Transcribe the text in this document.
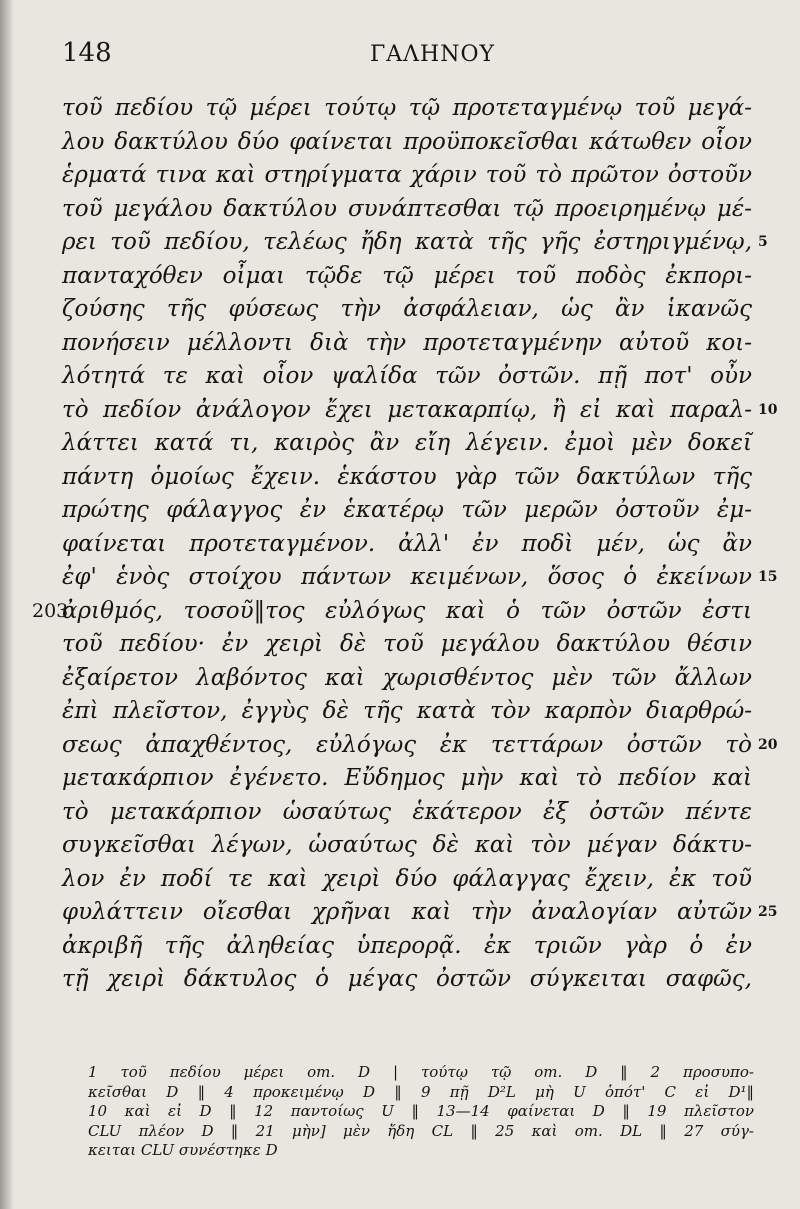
148	ΓΑΛΗΝΟΥ
τοῦ πεδίου τῷ μέρει τούτῳ τῷ προτεταγμένῳ τοῦ μεγά-
λου δακτύλου δύο φαίνεται προϋποκεῖσθαι κάτωθεν οἷον
ἑρματά τινα καὶ στηρίγματα χάριν τοῦ τὸ πρῶτον ὀστοῦν
τοῦ μεγάλου δακτύλου συνάπτεσθαι τῷ προειρημένῳ μέ-
ρει τοῦ πεδίου, τελέως ἤδη κατὰ τῆς γῆς ἐστηριγμένῳ, 5
πανταχόθεν οἶμαι τῷδε τῷ μέρει τοῦ ποδὸς ἐκπορι-
ζούσης τῆς φύσεως τὴν ἀσφάλειαν, ὡς ἂν ἱκανῶς
πονήσειν μέλλοντι διὰ τὴν προτεταγμένην αὐτοῦ κοι-
λότητά τε καὶ οἷον ψαλίδα τῶν ὀστῶν. πῇ ποτ' οὖν
τὸ πεδίον ἀνάλογον ἔχει μετακαρπίῳ, ἢ εἰ καὶ παραλ- 10
λάττει κατά τι, καιρὸς ἂν εἴη λέγειν. ἐμοὶ μὲν δοκεῖ
πάντη ὁμοίως ἔχειν. ἑκάστου γὰρ τῶν δακτύλων τῆς
πρώτης φάλαγγος ἐν ἑκατέρῳ τῶν μερῶν ὀστοῦν ἐμ-
φαίνεται προτεταγμένον. ἀλλ' ἐν ποδὶ μέν, ὡς ἂν
ἐφ' ἑνὸς στοίχου πάντων κειμένων, ὅσος ὁ ἐκείνων 15
203
ἀριθμός, τοσοῦ‖τος εὐλόγως καὶ ὁ τῶν ὀστῶν ἐστι
τοῦ πεδίου· ἐν χειρὶ δὲ τοῦ μεγάλου δακτύλου θέσιν
ἐξαίρετον λαβόντος καὶ χωρισθέντος μὲν τῶν ἄλλων
ἐπὶ πλεῖστον, ἐγγὺς δὲ τῆς κατὰ τὸν καρπὸν διαρθρώ-
σεως ἀπαχθέντος, εὐλόγως ἐκ τεττάρων ὀστῶν τὸ 20
μετακάρπιον ἐγένετο. Εὔδημος μὴν καὶ τὸ πεδίον καὶ
τὸ μετακάρπιον ὡσαύτως ἑκάτερον ἐξ ὀστῶν πέντε
συγκεῖσθαι λέγων, ὡσαύτως δὲ καὶ τὸν μέγαν δάκτυ-
λον ἐν ποδί τε καὶ χειρὶ δύο φάλαγγας ἔχειν, ἐκ τοῦ
φυλάττειν οἴεσθαι χρῆναι καὶ τὴν ἀναλογίαν αὐτῶν 25
ἀκριβῆ τῆς ἀληθείας ὑπερορᾷ. ἐκ τριῶν γὰρ ὁ ἐν
τῇ χειρὶ δάκτυλος ὁ μέγας ὀστῶν σύγκειται σαφῶς,
1 τοῦ πεδίου μέρει om. D | τούτῳ τῷ om. D ‖ 2 προσυπο-
κεῖσθαι D ‖ 4 προκειμένῳ D ‖ 9 πῇ D²L μὴ U ὁπότ' C εἰ D¹‖
10 καὶ εἰ D ‖ 12 παντοίως U ‖ 13—14 φαίνεται D ‖ 19 πλεῖστον
CLU πλέον D ‖ 21 μὴν] μὲν ἤδη CL ‖ 25 καὶ om. DL ‖ 27 σύγ-
κειται CLU συνέστηκε D
